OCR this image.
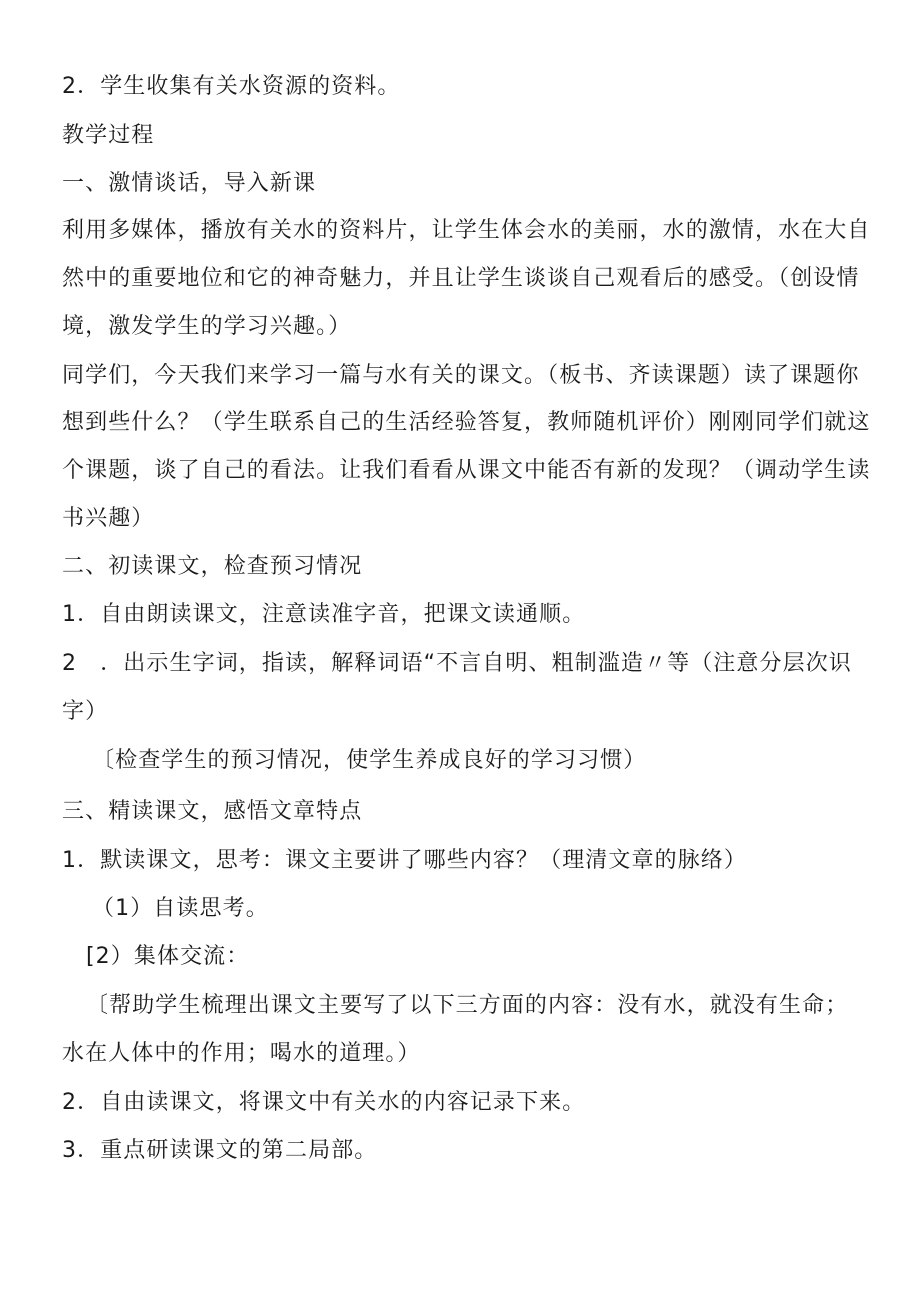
2．学生收集有关水资源的资料。
教学过程
一、激情谈话，导入新课
利用多媒体，播放有关水的资料片，让学生体会水的美丽，水的激情，水在大自
然中的重要地位和它的神奇魅力，并且让学生谈谈自己观看后的感受。（创设情
境，激发学生的学习兴趣。）
同学们，今天我们来学习一篇与水有关的课文。（板书、齐读课题）读了课题你
想到些什么？（学生联系自己的生活经验答复，教师随机评价）刚刚同学们就这
个课题，谈了自己的看法。让我们看看从课文中能否有新的发现？（调动学生读
书兴趣）
二、初读课文，检查预习情况
1．自由朗读课文，注意读准字音，把课文读通顺。
2　．出示生字词，指读，解释词语“不言自明、粗制滥造〃等（注意分层次识
字）
〔检查学生的预习情况，使学生养成良好的学习习惯）
三、精读课文，感悟文章特点
1．默读课文，思考：课文主要讲了哪些内容？（理清文章的脉络）
（1）自读思考。
[2）集体交流：
〔帮助学生梳理出课文主要写了以下三方面的内容：没有水，就没有生命；
水在人体中的作用；喝水的道理。）
2．自由读课文，将课文中有关水的内容记录下来。
3．重点研读课文的第二局部。
